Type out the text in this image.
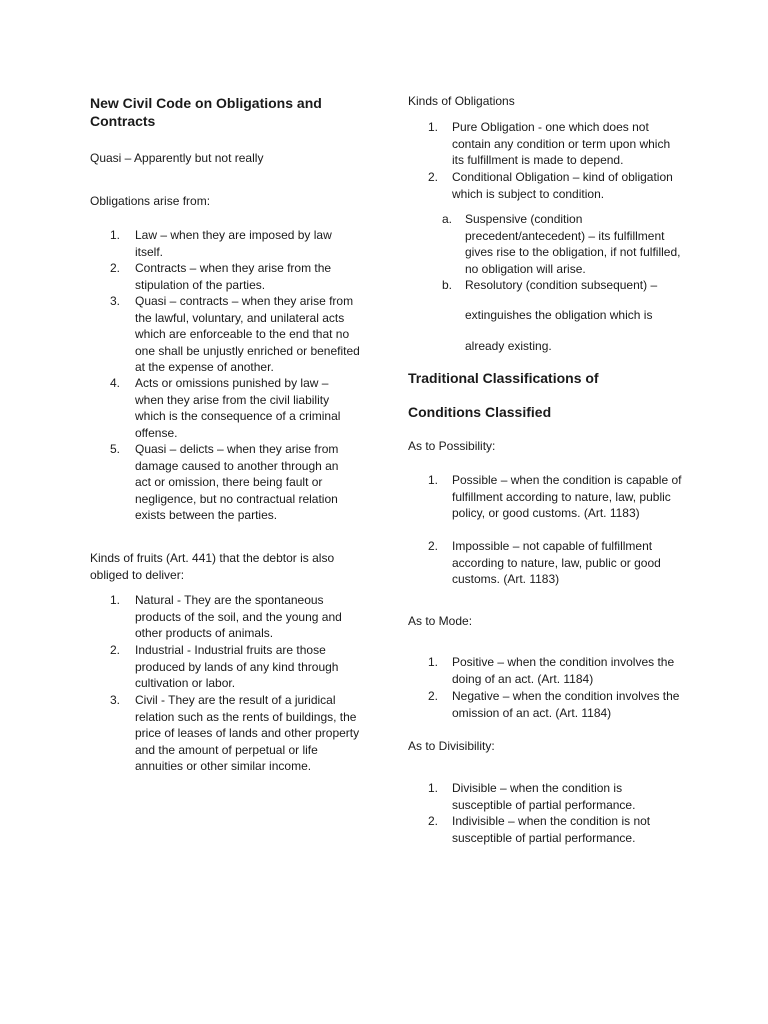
New Civil Code on Obligations and Contracts
Quasi – Apparently but not really
Obligations arise from:
1. Law – when they are imposed by law itself.
2. Contracts – when they arise from the stipulation of the parties.
3. Quasi – contracts – when they arise from the lawful, voluntary, and unilateral acts which are enforceable to the end that no one shall be unjustly enriched or benefited at the expense of another.
4. Acts or omissions punished by law – when they arise from the civil liability which is the consequence of a criminal offense.
5. Quasi – delicts – when they arise from damage caused to another through an act or omission, there being fault or negligence, but no contractual relation exists between the parties.
Kinds of fruits (Art. 441) that the debtor is also obliged to deliver:
1. Natural - They are the spontaneous products of the soil, and the young and other products of animals.
2. Industrial - Industrial fruits are those produced by lands of any kind through cultivation or labor.
3. Civil - They are the result of a juridical relation such as the rents of buildings, the price of leases of lands and other property and the amount of perpetual or life annuities or other similar income.
Kinds of Obligations
1. Pure Obligation - one which does not contain any condition or term upon which its fulfillment is made to depend.
2. Conditional Obligation – kind of obligation which is subject to condition.
a. Suspensive (condition precedent/antecedent) – its fulfillment gives rise to the obligation, if not fulfilled, no obligation will arise.
b. Resolutory (condition subsequent) –
extinguishes the obligation which is
already existing.
Traditional Classifications of
Conditions Classified
As to Possibility:
1. Possible – when the condition is capable of fulfillment according to nature, law, public policy, or good customs. (Art. 1183)
2. Impossible – not capable of fulfillment according to nature, law, public or good customs. (Art. 1183)
As to Mode:
1. Positive – when the condition involves the doing of an act. (Art. 1184)
2. Negative – when the condition involves the omission of an act. (Art. 1184)
As to Divisibility:
1. Divisible – when the condition is susceptible of partial performance.
2. Indivisible – when the condition is not susceptible of partial performance.
